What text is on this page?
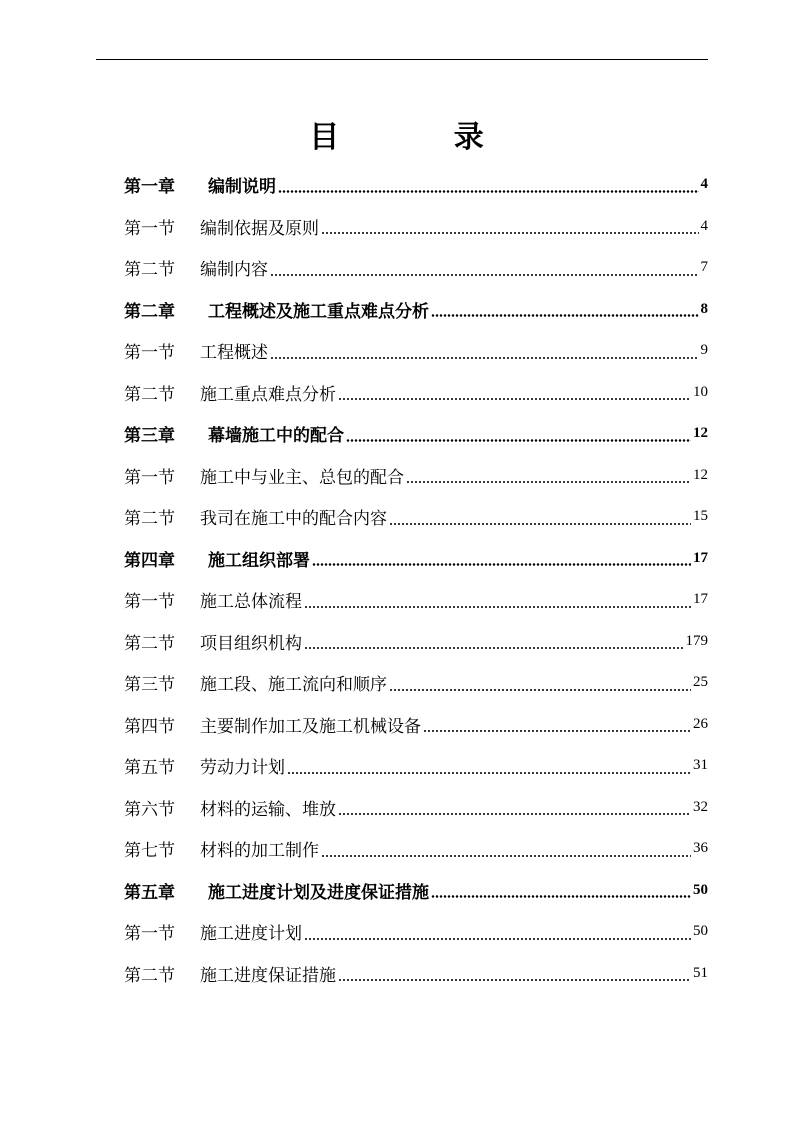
目 录
第一章	编制说明	4
第一节	编制依据及原则	4
第二节	编制内容	7
第二章	工程概述及施工重点难点分析	8
第一节	工程概述	9
第二节	施工重点难点分析	10
第三章	幕墙施工中的配合	12
第一节	施工中与业主、总包的配合	12
第二节	我司在施工中的配合内容	15
第四章	施工组织部署	17
第一节	施工总体流程	17
第二节	项目组织机构	179
第三节	施工段、施工流向和顺序	25
第四节	主要制作加工及施工机械设备	26
第五节	劳动力计划	31
第六节	材料的运输、堆放	32
第七节	材料的加工制作	36
第五章	施工进度计划及进度保证措施	50
第一节	施工进度计划	50
第二节	施工进度保证措施	51
